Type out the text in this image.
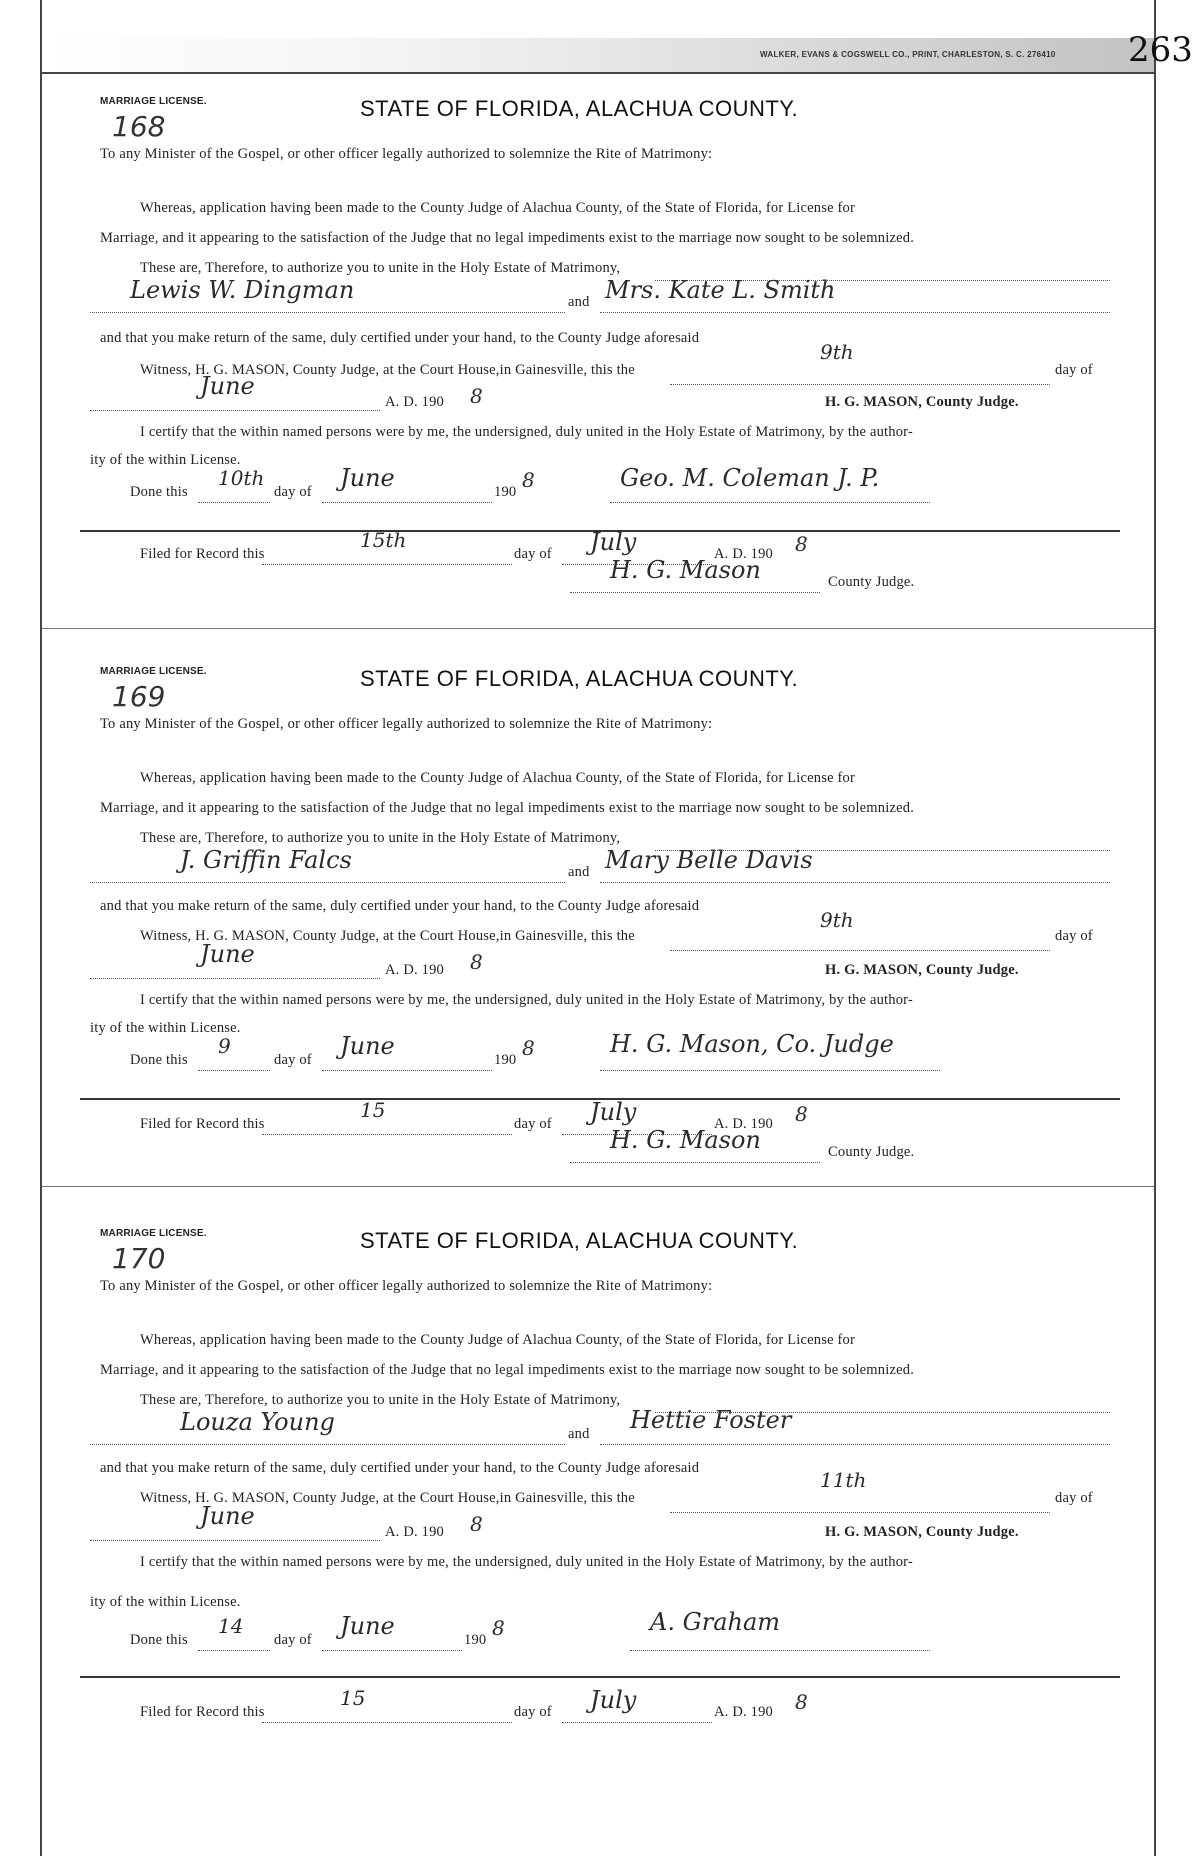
WALKER, EVANS & COGSWELL CO., PRINT, CHARLESTON, S. C. 276410 263
MARRIAGE LICENSE.	STATE OF FLORIDA, ALACHUA COUNTY.
168
To any Minister of the Gospel, or other officer legally authorized to solemnize the Rite of Matrimony:
Whereas, application having been made to the County Judge of Alachua County, of the State of Florida, for License for
Marriage, and it appearing to the satisfaction of the Judge that no legal impediments exist to the marriage now sought to be solemnized.
These are, Therefore, to authorize you to unite in the Holy Estate of Matrimony,
Lewis W. Dingman	and Mrs. Kate L. Smith
and that you make return of the same, duly certified under your hand, to the County Judge aforesaid
Witness, H. G. MASON, County Judge, at the Court House,in Gainesville, this the
9th
day of
June
A. D. 190 8	H. G. MASON, County Judge.
I certify that the within named persons were by me, the undersigned, duly united in the Holy Estate of Matrimony, by the author-
ity of the within License.
Done this
10th
day of June	190 8	Geo. M. Coleman J. P.
Filed for Record this
15th
day of July	A. D. 190 8
H. G. Mason	County Judge.
MARRIAGE LICENSE.	STATE OF FLORIDA, ALACHUA COUNTY.
169
To any Minister of the Gospel, or other officer legally authorized to solemnize the Rite of Matrimony:
Whereas, application having been made to the County Judge of Alachua County, of the State of Florida, for License for
Marriage, and it appearing to the satisfaction of the Judge that no legal impediments exist to the marriage now sought to be solemnized.
These are, Therefore, to authorize you to unite in the Holy Estate of Matrimony,
J. Griffin Falcs	and Mary Belle Davis
and that you make return of the same, duly certified under your hand, to the County Judge aforesaid
Witness, H. G. MASON, County Judge, at the Court House,in Gainesville, this the
9th
day of
June
A. D. 190 8	H. G. MASON, County Judge.
I certify that the within named persons were by me, the undersigned, duly united in the Holy Estate of Matrimony, by the author-
ity of the within License.
Done this
9
day of June	190 8	H. G. Mason, Co. Judge
Filed for Record this
15
day of July	A. D. 190 8
H. G. Mason	County Judge.
MARRIAGE LICENSE.	STATE OF FLORIDA, ALACHUA COUNTY.
170
To any Minister of the Gospel, or other officer legally authorized to solemnize the Rite of Matrimony:
Whereas, application having been made to the County Judge of Alachua County, of the State of Florida, for License for
Marriage, and it appearing to the satisfaction of the Judge that no legal impediments exist to the marriage now sought to be solemnized.
These are, Therefore, to authorize you to unite in the Holy Estate of Matrimony,
Louza Young	and Hettie Foster
and that you make return of the same, duly certified under your hand, to the County Judge aforesaid
Witness, H. G. MASON, County Judge, at the Court House,in Gainesville, this the
11th
day of
June
A. D. 190 8	H. G. MASON, County Judge.
I certify that the within named persons were by me, the undersigned, duly united in the Holy Estate of Matrimony, by the author-
ity of the within License.
Done this
14
day of June	190 8	A. Graham
Filed for Record this
15
day of July	A. D. 190 8
